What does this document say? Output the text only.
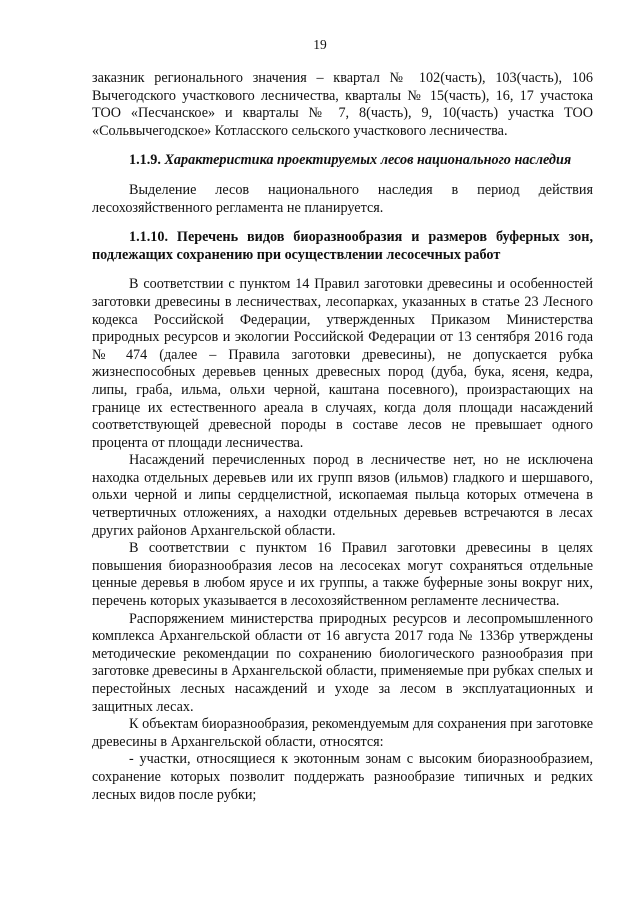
19

заказник регионального значения – квартал № 102(часть), 103(часть), 106 Вычегодского участкового лесничества, кварталы № 15(часть), 16, 17 участока ТОО «Песчанское» и кварталы № 7, 8(часть), 9, 10(часть) участка ТОО «Сольвычегодское» Котласского сельского участкового лесничества.

1.1.9. Характеристика проектируемых лесов национального наследия

Выделение лесов национального наследия в период действия лесохозяйственного регламента не планируется.

1.1.10. Перечень видов биоразнообразия и размеров буферных зон, подлежащих сохранению при осуществлении лесосечных работ

В соответствии с пунктом 14 Правил заготовки древесины и особенностей заготовки древесины в лесничествах, лесопарках, указанных в статье 23 Лесного кодекса Российской Федерации, утвержденных Приказом Министерства природных ресурсов и экологии Российской Федерации от 13 сентября 2016 года № 474 (далее – Правила заготовки древесины), не допускается рубка жизнеспособных деревьев ценных древесных пород (дуба, бука, ясеня, кедра, липы, граба, ильма, ольхи черной, каштана посевного), произрастающих на границе их естественного ареала в случаях, когда доля площади насаждений соответствующей древесной породы в составе лесов не превышает одного процента от площади лесничества.

Насаждений перечисленных пород в лесничестве нет, но не исключена находка отдельных деревьев или их групп вязов (ильмов) гладкого и шершавого, ольхи черной и липы сердцелистной, ископаемая пыльца которых отмечена в четвертичных отложениях, а находки отдельных деревьев встречаются в лесах других районов Архангельской области.

В соответствии с пунктом 16 Правил заготовки древесины в целях повышения биоразнообразия лесов на лесосеках могут сохраняться отдельные ценные деревья в любом ярусе и их группы, а также буферные зоны вокруг них, перечень которых указывается в лесохозяйственном регламенте лесничества.

Распоряжением министерства природных ресурсов и лесопромышленного комплекса Архангельской области от 16 августа 2017 года № 1336р утверждены методические рекомендации по сохранению биологического разнообразия при заготовке древесины в Архангельской области, применяемые при рубках спелых и перестойных лесных насаждений и уходе за лесом в эксплуатационных и защитных лесах.

К объектам биоразнообразия, рекомендуемым для сохранения при заготовке древесины в Архангельской области, относятся:

- участки, относящиеся к экотонным зонам с высоким биоразнообразием, сохранение которых позволит поддержать разнообразие типичных и редких лесных видов после рубки;
